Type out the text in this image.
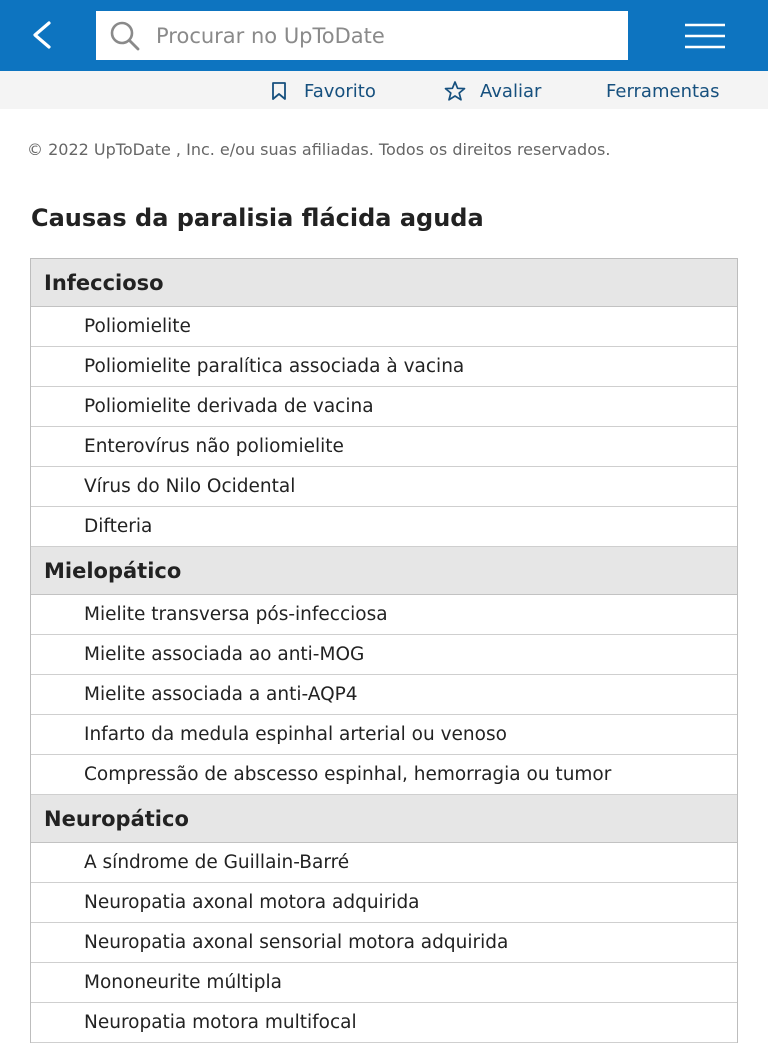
Procurar no UpToDate
Favorito	Avaliar	Ferramentas
© 2022 UpToDate , Inc. e/ou suas afiliadas. Todos os direitos reservados.
Causas da paralisia flácida aguda
Infeccioso
Poliomielite
Poliomielite paralítica associada à vacina
Poliomielite derivada de vacina
Enterovírus não poliomielite
Vírus do Nilo Ocidental
Difteria
Mielopático
Mielite transversa pós-infecciosa
Mielite associada ao anti-MOG
Mielite associada a anti-AQP4
Infarto da medula espinhal arterial ou venoso
Compressão de abscesso espinhal, hemorragia ou tumor
Neuropático
A síndrome de Guillain-Barré
Neuropatia axonal motora adquirida
Neuropatia axonal sensorial motora adquirida
Mononeurite múltipla
Neuropatia motora multifocal
